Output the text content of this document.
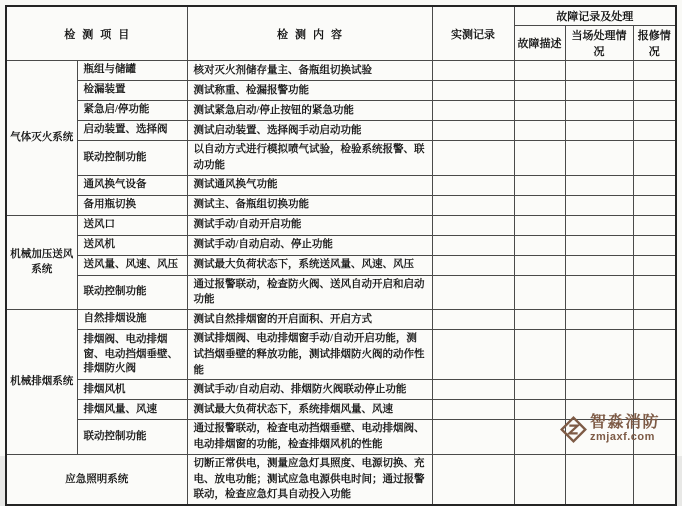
检测项目		检测内容	实测记录	故障记录及处理		
				故障描述	当场处理情况	报修情况
气体灭火系统	瓶组与储罐	核对灭火剂储存量主、备瓶组切换试验				
	检漏装置	测试称重、检漏报警功能				
	紧急启/停功能	测试紧急启动/停止按钮的紧急功能				
	启动装置、选择阀	测试启动装置、选择阀手动启动功能				
	联动控制功能	以自动方式进行模拟喷气试验，检验系统报警、联动功能				
	通风换气设备	测试通风换气功能				
	备用瓶切换	测试主、备瓶组切换功能				
机械加压送风系统	送风口	测试手动/自动开启功能				
	送风机	测试手动/自动启动、停止功能				
	送风量、风速、风压	测试最大负荷状态下，系统送风量、风速、风压				
	联动控制功能	通过报警联动，检查防火阀、送风自动开启和启动功能				
机械排烟系统	自然排烟设施	测试自然排烟窗的开启面积、开启方式				
	排烟阀、电动排烟窗、电动挡烟垂壁、排烟防火阀	测试排烟阀、电动排烟窗手动/自动开启功能，测试挡烟垂壁的释放功能，测试排烟防火阀的动作性能				
	排烟风机	测试手动/自动启动、排烟防火阀联动停止功能				
	排烟风量、风速	测试最大负荷状态下，系统排烟风量、风速				
	联动控制功能	通过报警联动，检查电动挡烟垂壁、电动排烟阀、电动排烟窗的功能，检查排烟风机的性能				
应急照明系统		切断正常供电，测量应急灯具照度、电源切换、充电、放电功能；测试应急电源供电时间；通过报警联动，检查应急灯具自动投入功能				
智淼消防
zmjaxf.com
